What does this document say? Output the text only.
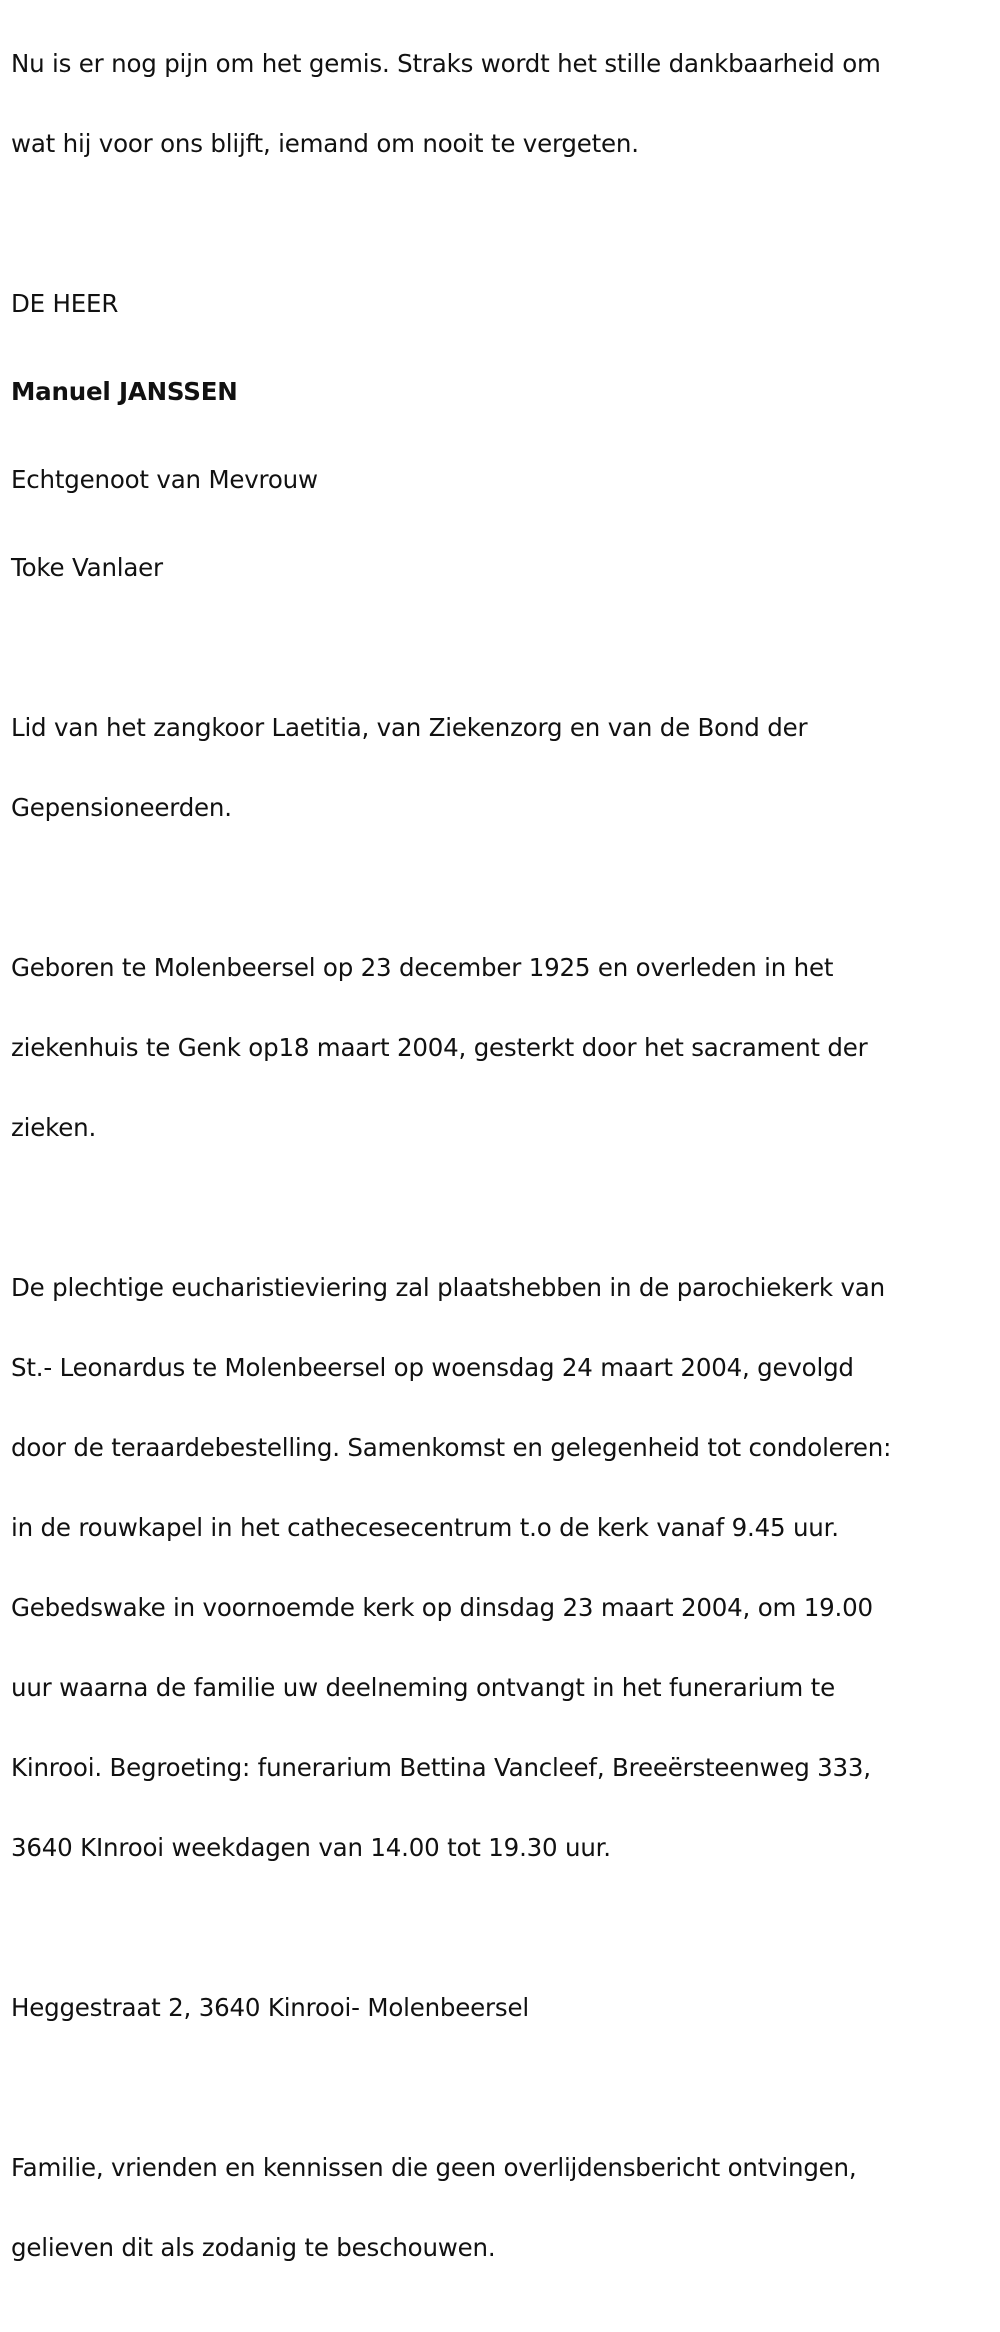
Nu is er nog pijn om het gemis. Straks wordt het stille dankbaarheid om

wat hij voor ons blijft, iemand om nooit te vergeten.

DE HEER

Manuel JANSSEN

Echtgenoot van Mevrouw

Toke Vanlaer

Lid van het zangkoor Laetitia, van Ziekenzorg en van de Bond der

Gepensioneerden.

Geboren te Molenbeersel op 23 december 1925 en overleden in het

ziekenhuis te Genk op18 maart 2004, gesterkt door het sacrament der

zieken.

De plechtige eucharistieviering zal plaatshebben in de parochiekerk van

St.- Leonardus te Molenbeersel op woensdag 24 maart 2004, gevolgd

door de teraardebestelling. Samenkomst en gelegenheid tot condoleren:

in de rouwkapel in het cathecesecentrum t.o de kerk vanaf 9.45 uur.

Gebedswake in voornoemde kerk op dinsdag 23 maart 2004, om 19.00

uur waarna de familie uw deelneming ontvangt in het funerarium te

Kinrooi. Begroeting: funerarium Bettina Vancleef, Breeërsteenweg 333,

3640 KInrooi weekdagen van 14.00 tot 19.30 uur.

Heggestraat 2, 3640 Kinrooi- Molenbeersel

Familie, vrienden en kennissen die geen overlijdensbericht ontvingen,

gelieven dit als zodanig te beschouwen.
